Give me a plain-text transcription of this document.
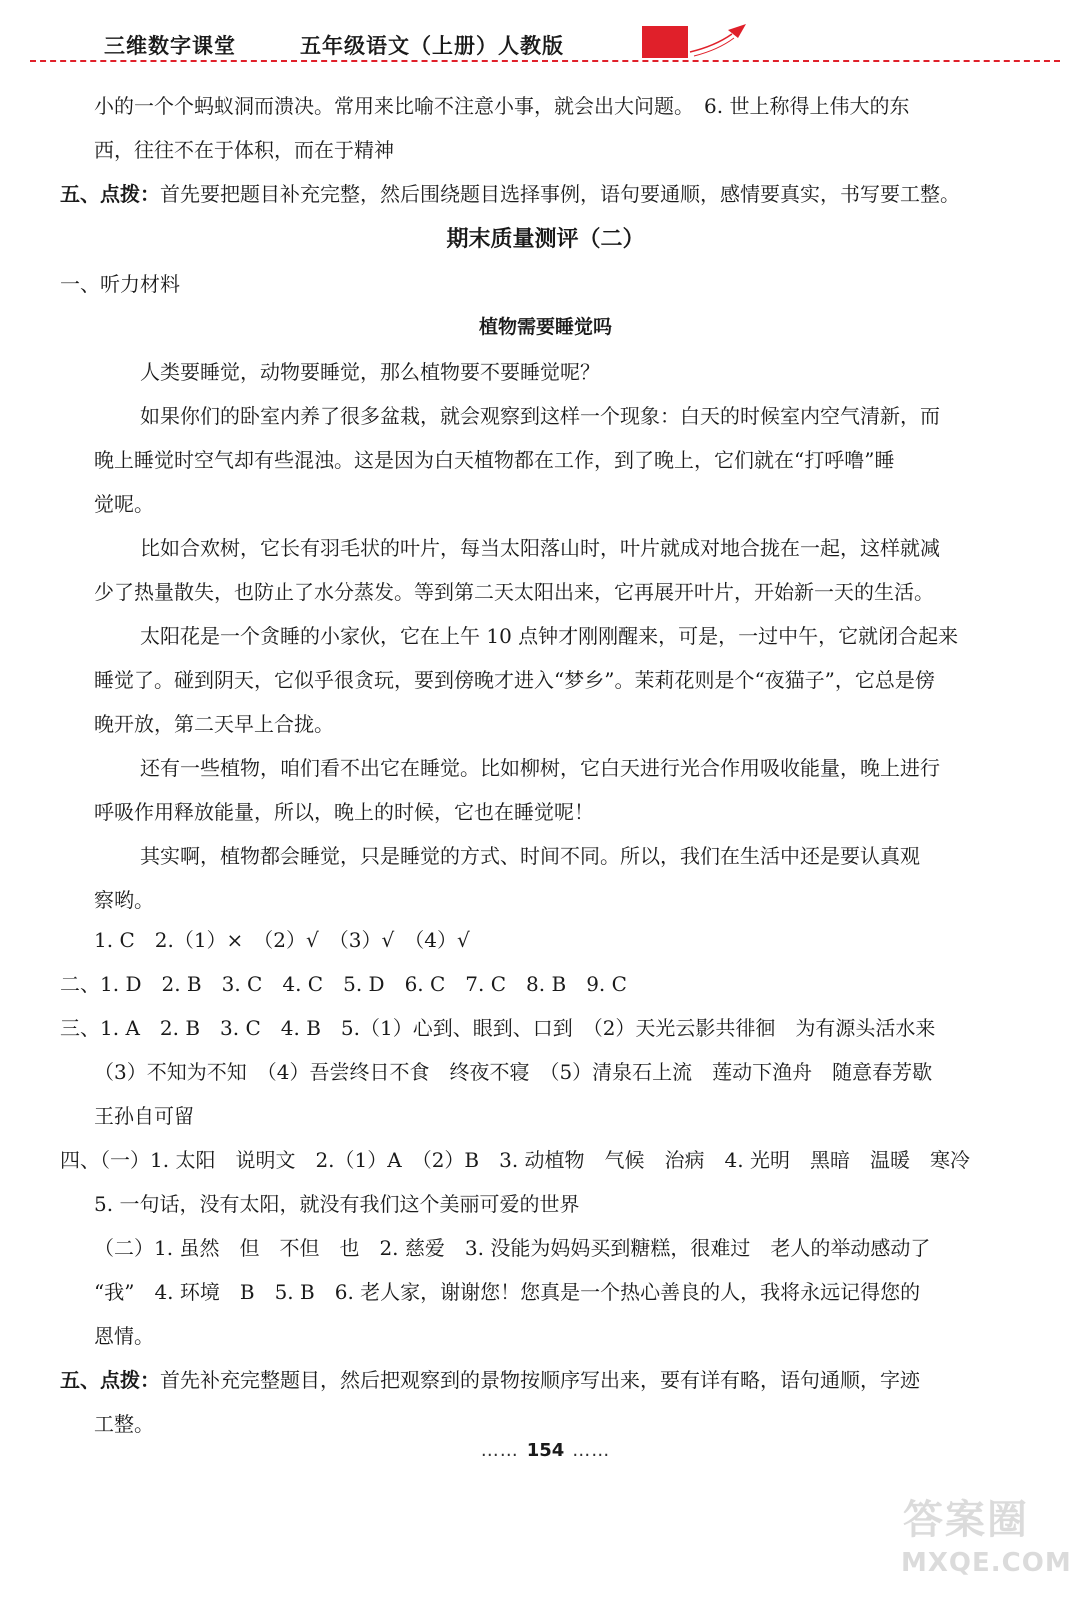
三维数字课堂	五年级语文（上册）人教版
小的一个个蚂蚁洞而溃决。常用来比喻不注意小事，就会出大问题。　6. 世上称得上伟大的东
西，往往不在于体积，而在于精神
五、点拨：首先要把题目补充完整，然后围绕题目选择事例，语句要通顺，感情要真实，书写要工整。
期末质量测评（二）
一、听力材料
植物需要睡觉吗
人类要睡觉，动物要睡觉，那么植物要不要睡觉呢？
如果你们的卧室内养了很多盆栽，就会观察到这样一个现象：白天的时候室内空气清新，而
晚上睡觉时空气却有些混浊。这是因为白天植物都在工作，到了晚上，它们就在“打呼噜”睡
觉呢。
比如合欢树，它长有羽毛状的叶片，每当太阳落山时，叶片就成对地合拢在一起，这样就减
少了热量散失，也防止了水分蒸发。等到第二天太阳出来，它再展开叶片，开始新一天的生活。
太阳花是一个贪睡的小家伙，它在上午 10 点钟才刚刚醒来，可是，一过中午，它就闭合起来
睡觉了。碰到阴天，它似乎很贪玩，要到傍晚才进入“梦乡”。茉莉花则是个“夜猫子”，它总是傍
晚开放，第二天早上合拢。
还有一些植物，咱们看不出它在睡觉。比如柳树，它白天进行光合作用吸收能量，晚上进行
呼吸作用释放能量，所以，晚上的时候，它也在睡觉呢！
其实啊，植物都会睡觉，只是睡觉的方式、时间不同。所以，我们在生活中还是要认真观
察哟。
1. C　2.（1）×　（2）√　（3）√　（4）√
二、1. D　2. B　3. C　4. C　5. D　6. C　7. C　8. B　9. C
三、1. A　2. B　3. C　4. B　5.（1）心到、眼到、口到　（2）天光云影共徘徊　为有源头活水来
（3）不知为不知　（4）吾尝终日不食　终夜不寝　（5）清泉石上流　莲动下渔舟　随意春芳歇
王孙自可留
四、（一）1. 太阳　说明文　2.（1）A　（2）B　3. 动植物　气候　治病　4. 光明　黑暗　温暖　寒冷
5. 一句话，没有太阳，就没有我们这个美丽可爱的世界
（二）1. 虽然　但　不但　也　2. 慈爱　3. 没能为妈妈买到糖糕，很难过　老人的举动感动了
“我”　4. 环境　B　5. B　6. 老人家，谢谢您！您真是一个热心善良的人，我将永远记得您的
恩情。
五、点拨：首先补充完整题目，然后把观察到的景物按顺序写出来，要有详有略，语句通顺，字迹
工整。
…… 154 ……
答案圈
MXQE.COM
